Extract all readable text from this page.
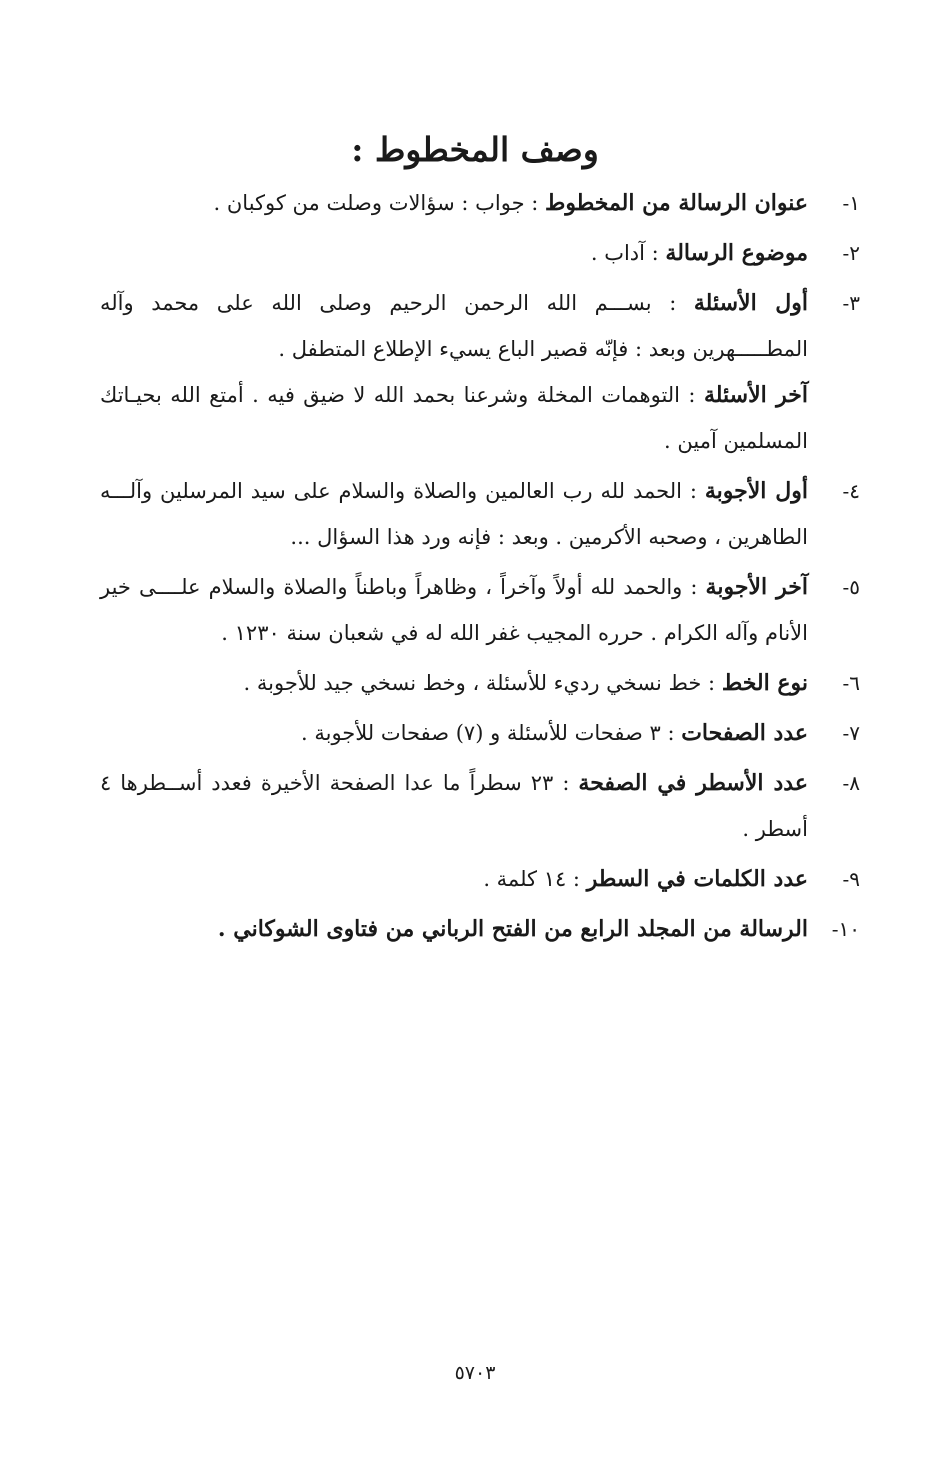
وصف المخطوط :
١-
عنوان الرسالة من المخطوط : جواب : سؤالات وصلت من كوكبان .
٢-
موضوع الرسالة : آداب .
٣-
أول الأسئلة : بســـم الله الرحمن الرحيم وصلى الله على محمد وآله المطـــــهرين وبعد : فإنّه قصير الباع يسيء الإطلاع المتطفل .
آخر الأسئلة : التوهمات المخلة وشرعنا بحمد الله لا ضيق فيه . أمتع الله بحيـاتك المسلمين آمين .
٤-
أول الأجوبة : الحمد لله رب العالمين والصلاة والسلام على سيد المرسلين وآلـــه الطاهرين ، وصحبه الأكرمين . وبعد : فإنه ورد هذا السؤال ...
٥-
آخر الأجوبة : والحمد لله أولاً وآخراً ، وظاهراً وباطناً والصلاة والسلام علــــى خير الأنام وآله الكرام . حرره المجيب غفر الله له في شعبان سنة ١٢٣٠ .
٦-
نوع الخط : خط نسخي رديء للأسئلة ، وخط نسخي جيد للأجوبة .
٧-
عدد الصفحات : ٣ صفحات للأسئلة و (٧) صفحات للأجوبة .
٨-
عدد الأسطر في الصفحة : ٢٣ سطراً ما عدا الصفحة الأخيرة فعدد أســطرها ٤ أسطر .
٩-
عدد الكلمات في السطر : ١٤ كلمة .
١٠-
الرسالة من المجلد الرابع من الفتح الرباني من فتاوى الشوكاني .
٥٧٠٣
